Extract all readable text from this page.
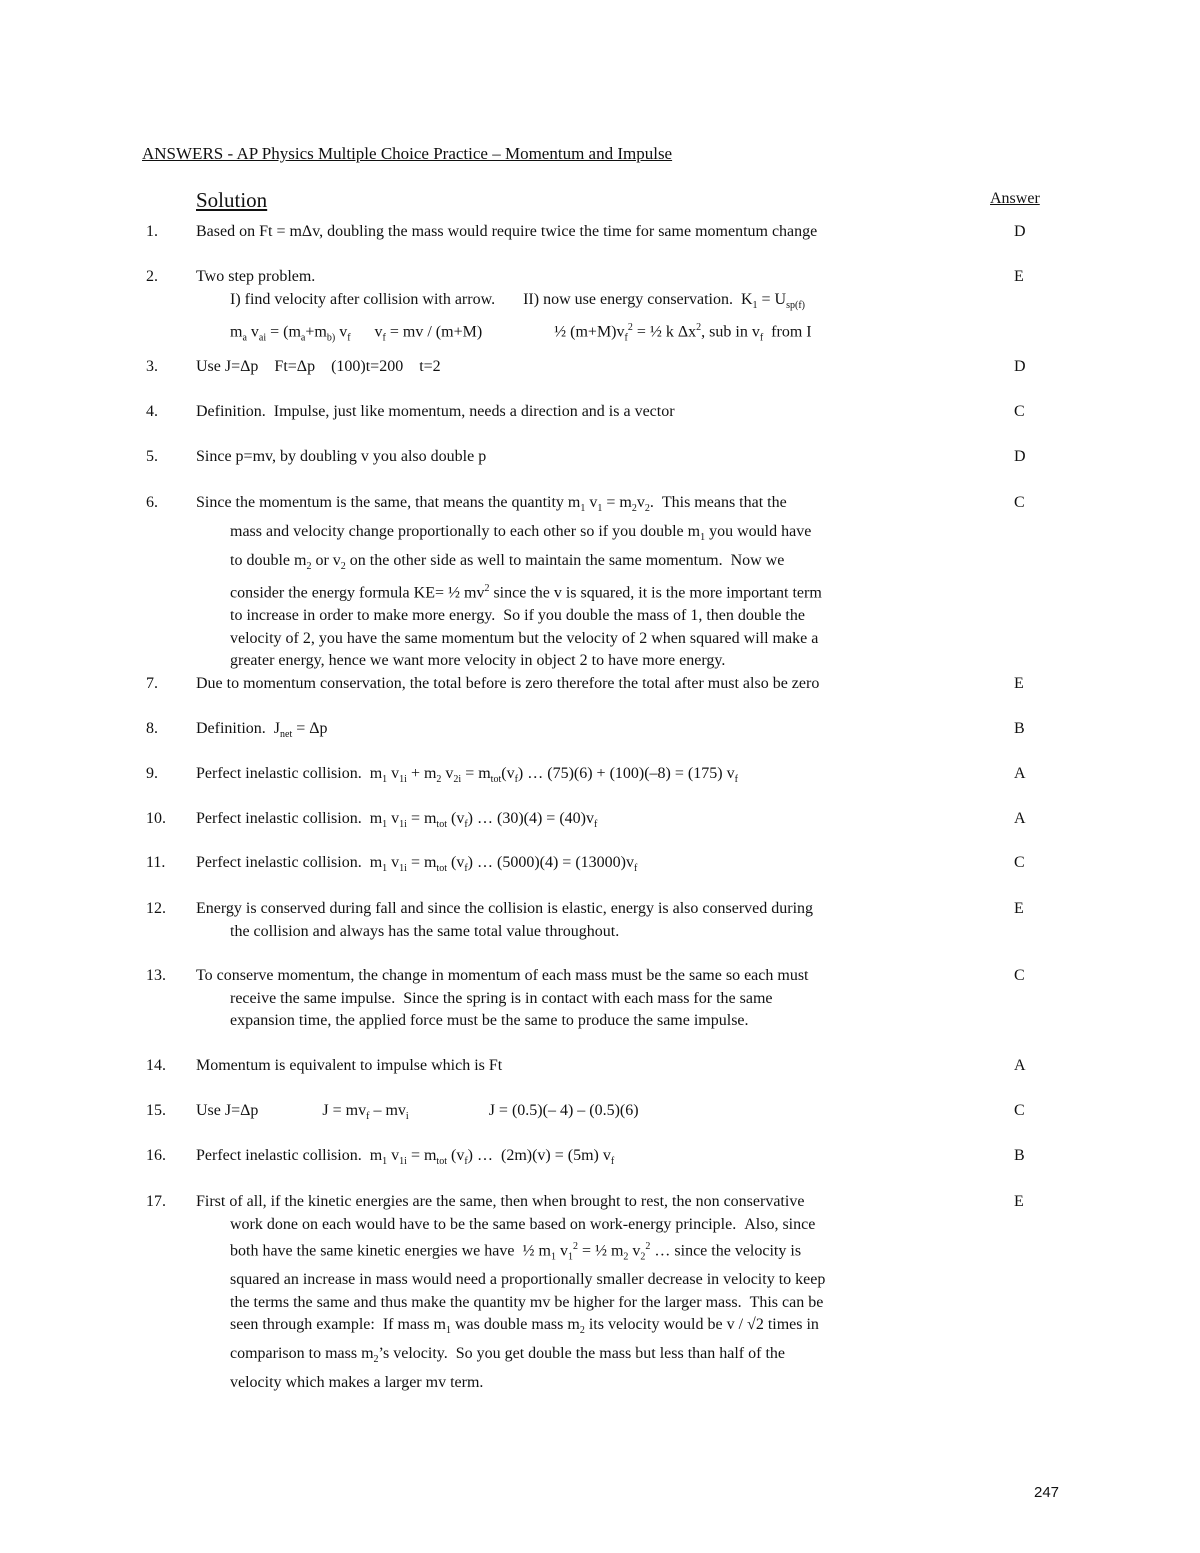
ANSWERS - AP Physics Multiple Choice Practice – Momentum and Impulse
Solution	Answer
1. Based on Ft = mΔv, doubling the mass would require twice the time for same momentum change	D
2. Two step problem.
I) find velocity after collision with arrow.       II) now use energy conservation.  $K_1 = U_{sp(f)}$
$m_a$ $v_{ai} = (m_a+m_{b)}$ $v_f$      $v_f$ = mv / (m+M)                  ½ $(m+M)v_f^2$ = ½ k $\Delta x^2$, sub in $v_f$  from I
E
3. Use J=Δp    Ft=Δp    (100)t=200    t=2	D
4. Definition.  Impulse, just like momentum, needs a direction and is a vector	C
5. Since p=mv, by doubling v you also double p	D
6. Since the momentum is the same, that means the quantity $m_1$ $v_1 = m_2v_2$.  This means that the
mass and velocity change proportionally to each other so if you double $m_1$ you would have
to double $m_2$ or $v_2$ on the other side as well to maintain the same momentum.  Now we
consider the energy formula KE= ½ $mv^2$ since the v is squared, it is the more important term
to increase in order to make more energy.  So if you double the mass of 1, then double the
velocity of 2, you have the same momentum but the velocity of 2 when squared will make a
greater energy, hence we want more velocity in object 2 to have more energy.
C
7. Due to momentum conservation, the total before is zero therefore the total after must also be zero	E
8. Definition.  $J_{net} = \Delta p$	B
9. Perfect inelastic collision.  $m_1$ $v_{1i} + m_2$ $v_{2i} = m_{tot}(v_f)$ … (75)(6) + (100)(–8) = (175) $v_f$	A
10. Perfect inelastic collision.  $m_1$ $v_{1i} = m_{tot}$ $(v_f)$ … $(30)(4) = (40)v_f$	A
11. Perfect inelastic collision.  $m_1$ $v_{1i} = m_{tot}$ $(v_f)$ … $(5000)(4) = (13000)v_f$	C
12. Energy is conserved during fall and since the collision is elastic, energy is also conserved during
the collision and always has the same total value throughout.
E
13. To conserve momentum, the change in momentum of each mass must be the same so each must
receive the same impulse.  Since the spring is in contact with each mass for the same
expansion time, the applied force must be the same to produce the same impulse.
C
14. Momentum is equivalent to impulse which is Ft	A
15. Use J=Δp                $J = mv_f - mv_i$                    J = (0.5)(– 4) – (0.5)(6)	C
16. Perfect inelastic collision.  $m_1$ $v_{1i} = m_{tot}$ $(v_f)$ …  (2m)(v) = (5m) $v_f$	B
17. First of all, if the kinetic energies are the same, then when brought to rest, the non conservative
work done on each would have to be the same based on work-energy principle.  Also, since
both have the same kinetic energies we have  ½ $m_1$ $v_1^2$ = ½ $m_2$ $v_2^2$ … since the velocity is
squared an increase in mass would need a proportionally smaller decrease in velocity to keep
the terms the same and thus make the quantity mv be higher for the larger mass.  This can be
seen through example:  If mass $m_1$ was double mass $m_2$ its velocity would be v / √2 times in
comparison to mass $m_2’s$ velocity.  So you get double the mass but less than half of the
velocity which makes a larger mv term.
E
247
